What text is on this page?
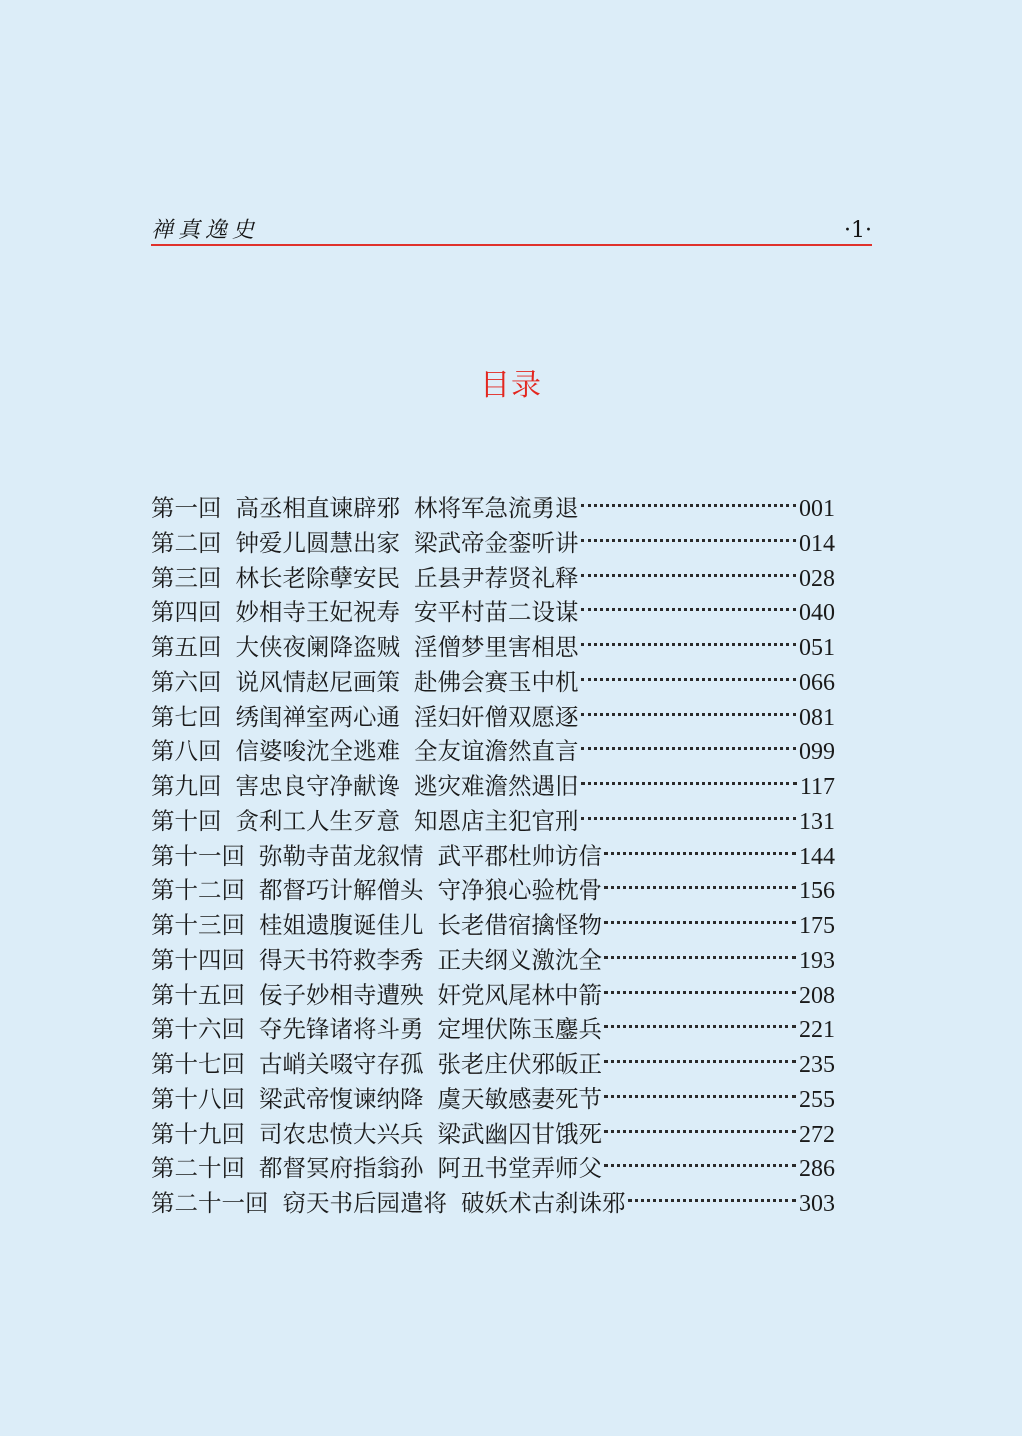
禅真逸史	·1·
目录
第一回 高丞相直谏辟邪 林将军急流勇退	001
第二回 钟爱儿圆慧出家 梁武帝金銮听讲	014
第三回 林长老除孽安民 丘县尹荐贤礼释	028
第四回 妙相寺王妃祝寿 安平村苗二设谋	040
第五回 大侠夜阑降盗贼 淫僧梦里害相思	051
第六回 说风情赵尼画策 赴佛会赛玉中机	066
第七回 绣闺禅室两心通 淫妇奸僧双愿逐	081
第八回 信婆唆沈全逃难 全友谊澹然直言	099
第九回 害忠良守净献谗 逃灾难澹然遇旧	117
第十回 贪利工人生歹意 知恩店主犯官刑	131
第十一回 弥勒寺苗龙叙情 武平郡杜帅访信	144
第十二回 都督巧计解僧头 守净狼心验枕骨	156
第十三回 桂姐遗腹诞佳儿 长老借宿擒怪物	175
第十四回 得天书符救李秀 正夫纲义激沈全	193
第十五回 佞子妙相寺遭殃 奸党风尾林中箭	208
第十六回 夺先锋诸将斗勇 定埋伏陈玉鏖兵	221
第十七回 古峭关啜守存孤 张老庄伏邪皈正	235
第十八回 梁武帝愎谏纳降 虞天敏感妻死节	255
第十九回 司农忠愤大兴兵 梁武幽囚甘饿死	272
第二十回 都督冥府指翁孙 阿丑书堂弄师父	286
第二十一回 窃天书后园遣将 破妖术古刹诛邪	303
